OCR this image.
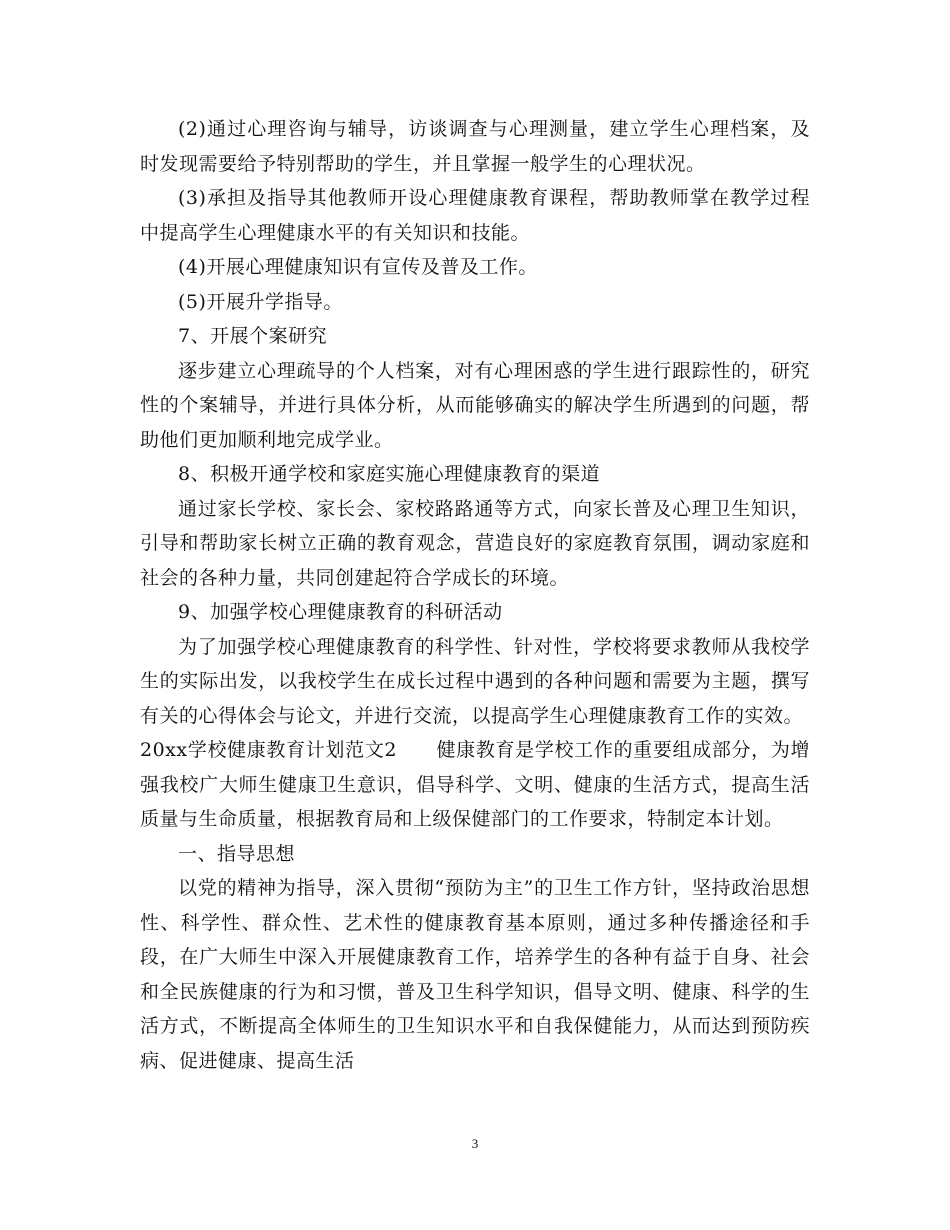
(2)通过心理咨询与辅导，访谈调查与心理测量，建立学生心理档案，及时发现需要给予特别帮助的学生，并且掌握一般学生的心理状况。

(3)承担及指导其他教师开设心理健康教育课程，帮助教师掌在教学过程中提高学生心理健康水平的有关知识和技能。

(4)开展心理健康知识有宣传及普及工作。

(5)开展升学指导。

7、开展个案研究

逐步建立心理疏导的个人档案，对有心理困惑的学生进行跟踪性的，研究性的个案辅导，并进行具体分析，从而能够确实的解决学生所遇到的问题，帮助他们更加顺利地完成学业。

8、积极开通学校和家庭实施心理健康教育的渠道

通过家长学校、家长会、家校路路通等方式，向家长普及心理卫生知识，引导和帮助家长树立正确的教育观念，营造良好的家庭教育氛围，调动家庭和社会的各种力量，共同创建起符合学成长的环境。

9、加强学校心理健康教育的科研活动

为了加强学校心理健康教育的科学性、针对性，学校将要求教师从我校学生的实际出发，以我校学生在成长过程中遇到的各种问题和需要为主题，撰写有关的心得体会与论文，并进行交流，以提高学生心理健康教育工作的实效。

20xx学校健康教育计划范文2　　健康教育是学校工作的重要组成部分，为增强我校广大师生健康卫生意识，倡导科学、文明、健康的生活方式，提高生活质量与生命质量，根据教育局和上级保健部门的工作要求，特制定本计划。

一、指导思想

以党的精神为指导，深入贯彻“预防为主”的卫生工作方针，坚持政治思想性、科学性、群众性、艺术性的健康教育基本原则，通过多种传播途径和手段，在广大师生中深入开展健康教育工作，培养学生的各种有益于自身、社会和全民族健康的行为和习惯，普及卫生科学知识，倡导文明、健康、科学的生活方式，不断提高全体师生的卫生知识水平和自我保健能力，从而达到预防疾病、促进健康、提高生活

3
